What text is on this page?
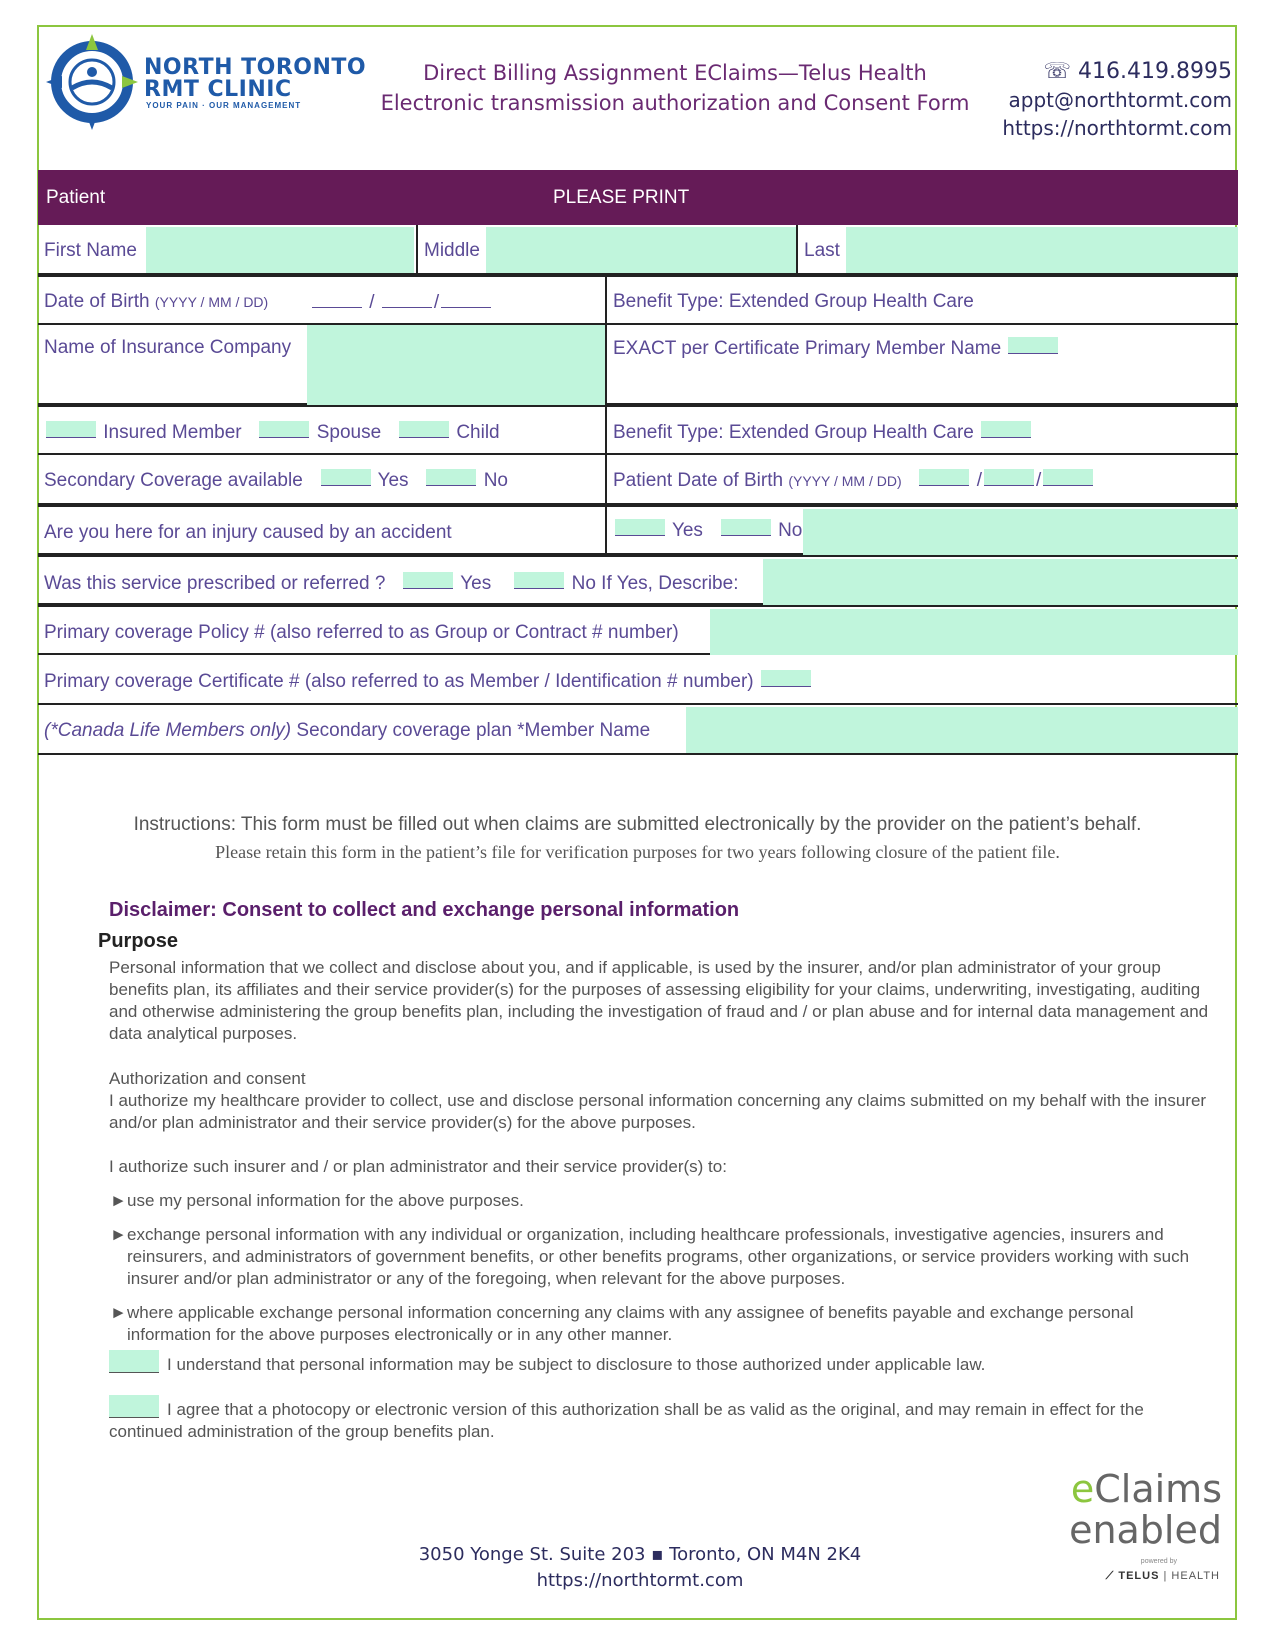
NORTH TORONTO
RMT CLINIC
YOUR PAIN · OUR MANAGEMENT
Direct Billing Assignment EClaims—Telus Health
Electronic transmission authorization and Consent Form
☏ 416.419.8995
appt@northtormt.com
https://northtormt.com
Patient	PLEASE PRINT
First Name	Middle	Last
Date of Birth (YYYY / MM / DD)	/	/	Benefit Type: Extended Group Health Care
Name of Insurance Company	EXACT per Certificate Primary Member Name
Insured Member	Spouse	Child	Benefit Type: Extended Group Health Care
Secondary Coverage available	Yes	No	Patient Date of Birth (YYYY / MM / DD)	/	/
Are you here for an injury caused by an accident	Yes	No
Was this service prescribed or referred ?	Yes	No If Yes, Describe:
Primary coverage Policy # (also referred to as Group or Contract # number)
Primary coverage Certificate # (also referred to as Member / Identification # number)
(*Canada Life Members only) Secondary coverage plan *Member Name
Instructions: This form must be filled out when claims are submitted electronically by the provider on the patient’s behalf.
Please retain this form in the patient’s file for verification purposes for two years following closure of the patient file.
Disclaimer: Consent to collect and exchange personal information
Purpose
Personal information that we collect and disclose about you, and if applicable, is used by the insurer, and/or plan administrator of your group benefits plan, its affiliates and their service provider(s) for the purposes of assessing eligibility for your claims, underwriting, investigating, auditing and otherwise administering the group benefits plan, including the investigation of fraud and / or plan abuse and for internal data management and data analytical purposes.
Authorization and consent
I authorize my healthcare provider to collect, use and disclose personal information concerning any claims submitted on my behalf with the insurer and/or plan administrator and their service provider(s) for the above purposes.
I authorize such insurer and / or plan administrator and their service provider(s) to:
► use my personal information for the above purposes.
► exchange personal information with any individual or organization, including healthcare professionals, investigative agencies, insurers and reinsurers, and administrators of government benefits, or other benefits programs, other organizations, or service providers working with such insurer and/or plan administrator or any of the foregoing, when relevant for the above purposes.
► where applicable exchange personal information concerning any claims with any assignee of benefits payable and exchange personal information for the above purposes electronically or in any other manner.
I understand that personal information may be subject to disclosure to those authorized under applicable law.
I agree that a photocopy or electronic version of this authorization shall be as valid as the original, and may remain in effect for the continued administration of the group benefits plan.
3050 Yonge St. Suite 203 ▪ Toronto, ON M4N 2K4
https://northtormt.com
eClaims
enabled
powered by
⟋ TELUS | HEALTH
